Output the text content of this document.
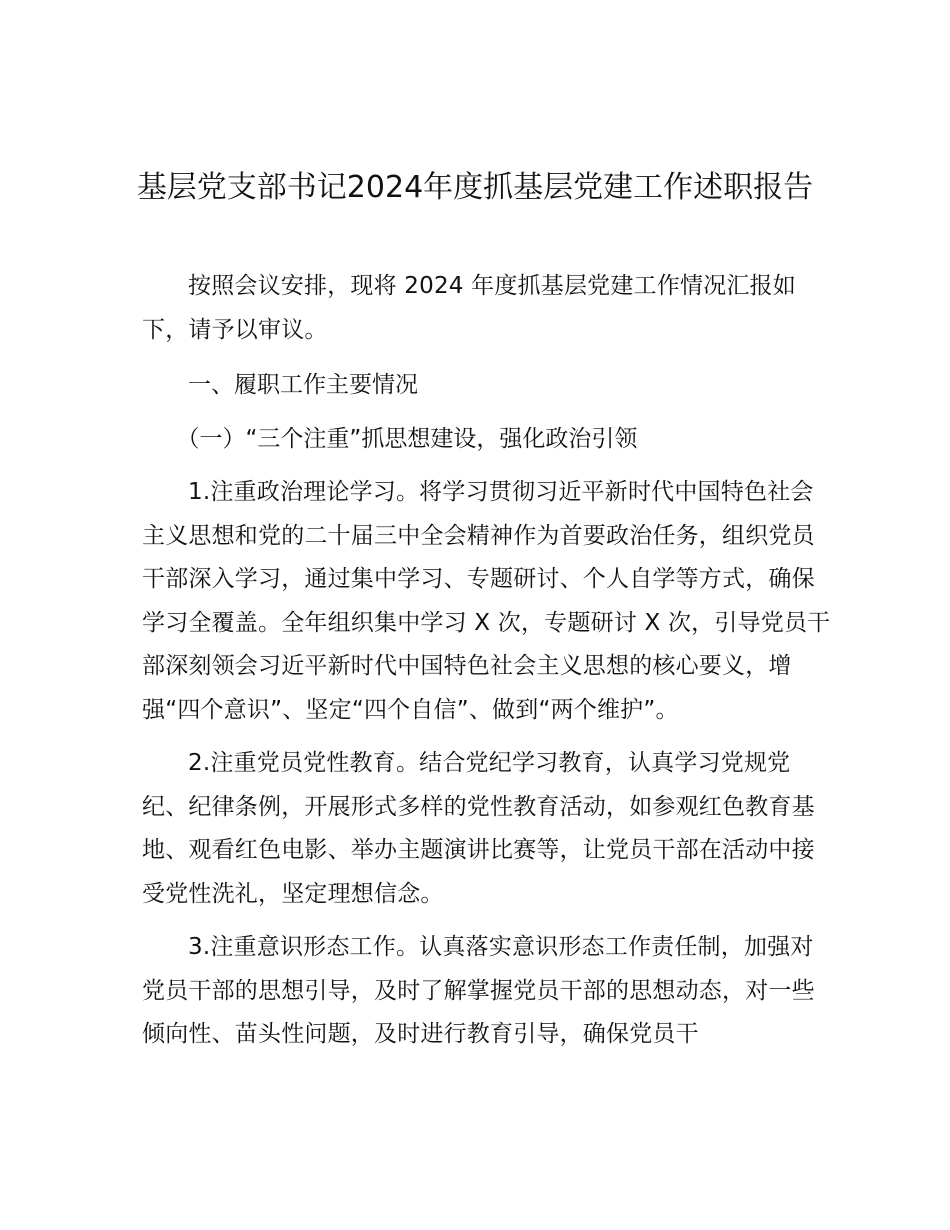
基层党支部书记2024年度抓基层党建工作述职报告

按照会议安排，现将 2024 年度抓基层党建工作情况汇报如下，请予以审议。

一、履职工作主要情况

（一）“三个注重”抓思想建设，强化政治引领

1.注重政治理论学习。将学习贯彻习近平新时代中国特色社会主义思想和党的二十届三中全会精神作为首要政治任务，组织党员干部深入学习，通过集中学习、专题研讨、个人自学等方式，确保学习全覆盖。全年组织集中学习 X 次，专题研讨 X 次，引导党员干部深刻领会习近平新时代中国特色社会主义思想的核心要义，增强“四个意识”、坚定“四个自信”、做到“两个维护”。

2.注重党员党性教育。结合党纪学习教育，认真学习党规党纪、纪律条例，开展形式多样的党性教育活动，如参观红色教育基地、观看红色电影、举办主题演讲比赛等，让党员干部在活动中接受党性洗礼，坚定理想信念。

3.注重意识形态工作。认真落实意识形态工作责任制，加强对党员干部的思想引导，及时了解掌握党员干部的思想动态，对一些倾向性、苗头性问题，及时进行教育引导，确保党员干
